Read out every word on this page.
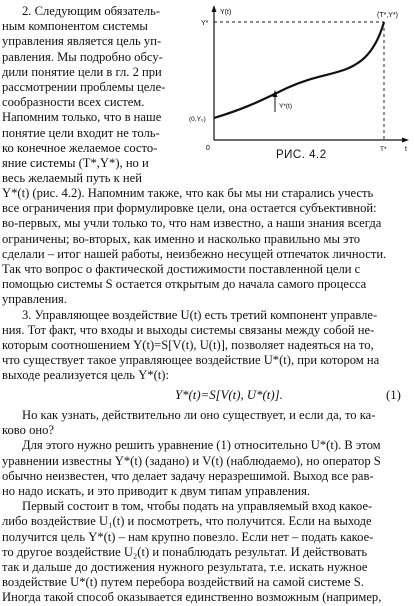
2. Следующим обязатель-
ным компонентом системы
управления является цель уп-
равления. Мы подробно обсу-
дили понятие цели в гл. 2 при
рассмотрении проблемы целе-
сообразности всех систем.
Напомним только, что в наше
понятие цели входит не толь-
ко конечное желаемое состо-
яние системы (T*,Y*), но и
весь желаемый путь к ней
Y(t)
Y*
(T*,Y*)
(0,Y₀)
0	t
T*
Y*(t)
РИС. 4.2
Y*(t) (рис. 4.2). Напомним также, что как бы мы ни старались учесть
все ограничения при формулировке цели, она остается субъективной:
во-первых, мы учли только то, что нам известно, а наши знания всегда
ограничены; во-вторых, как именно и насколько правильно мы это
сделали – итог нашей работы, неизбежно несущей отпечаток личности.
Так что вопрос о фактической достижимости поставленной цели с
помощью системы S остается открытым до начала самого процесса
управления.
3. Управляющее воздействие U(t) есть третий компонент управле-
ния. Тот факт, что входы и выходы системы связаны между собой не-
которым соотношением Y(t)=S[V(t), U(t)], позволяет надеяться на то,
что существует такое управляющее воздействие U*(t), при котором на
выходе реализуется цель Y*(t):
Y*(t)=S[V(t), U*(t)].	(1)
Но как узнать, действительно ли оно существует, и если да, то ка-
ково оно?
Для этого нужно решить уравнение (1) относительно U*(t). В этом
уравнении известны Y*(t) (задано) и V(t) (наблюдаемо), но оператор S
обычно неизвестен, что делает задачу неразрешимой. Выход все рав-
но надо искать, и это приводит к двум типам управления.
Первый состоит в том, чтобы подать на управляемый вход какое-
либо воздействие U₁(t) и посмотреть, что получится. Если на выходе
получится цель Y*(t) – нам крупно повезло. Если нет – подать какое-
то другое воздействие U₂(t) и понаблюдать результат. И действовать
так и дальше до достижения нужного результата, т.е. искать нужное
воздействие U*(t) путем перебора воздействий на самой системе S.
Иногда такой способ оказывается единственно возможным (например,
